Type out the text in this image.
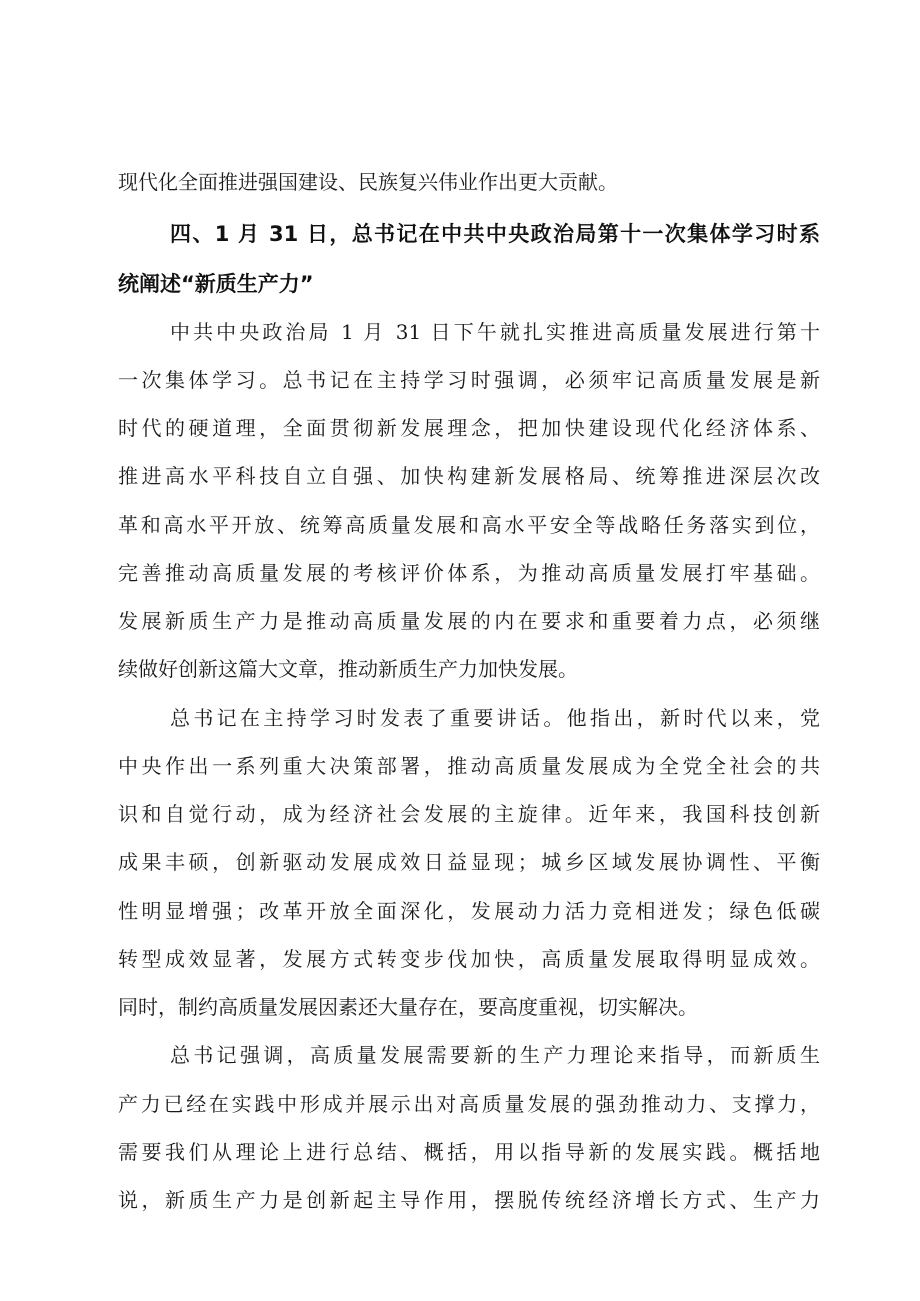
现代化全面推进强国建设、民族复兴伟业作出更大贡献。
四、1 月 31 日，总书记在中共中央政治局第十一次集体学习时系
统阐述“新质生产力”
中共中央政治局 1 月 31 日下午就扎实推进高质量发展进行第十
一次集体学习。总书记在主持学习时强调，必须牢记高质量发展是新
时代的硬道理，全面贯彻新发展理念，把加快建设现代化经济体系、
推进高水平科技自立自强、加快构建新发展格局、统筹推进深层次改
革和高水平开放、统筹高质量发展和高水平安全等战略任务落实到位，
完善推动高质量发展的考核评价体系，为推动高质量发展打牢基础。
发展新质生产力是推动高质量发展的内在要求和重要着力点，必须继
续做好创新这篇大文章，推动新质生产力加快发展。
总书记在主持学习时发表了重要讲话。他指出，新时代以来，党
中央作出一系列重大决策部署，推动高质量发展成为全党全社会的共
识和自觉行动，成为经济社会发展的主旋律。近年来，我国科技创新
成果丰硕，创新驱动发展成效日益显现；城乡区域发展协调性、平衡
性明显增强；改革开放全面深化，发展动力活力竞相迸发；绿色低碳
转型成效显著，发展方式转变步伐加快，高质量发展取得明显成效。
同时，制约高质量发展因素还大量存在，要高度重视，切实解决。
总书记强调，高质量发展需要新的生产力理论来指导，而新质生
产力已经在实践中形成并展示出对高质量发展的强劲推动力、支撑力，
需要我们从理论上进行总结、概括，用以指导新的发展实践。概括地
说，新质生产力是创新起主导作用，摆脱传统经济增长方式、生产力
